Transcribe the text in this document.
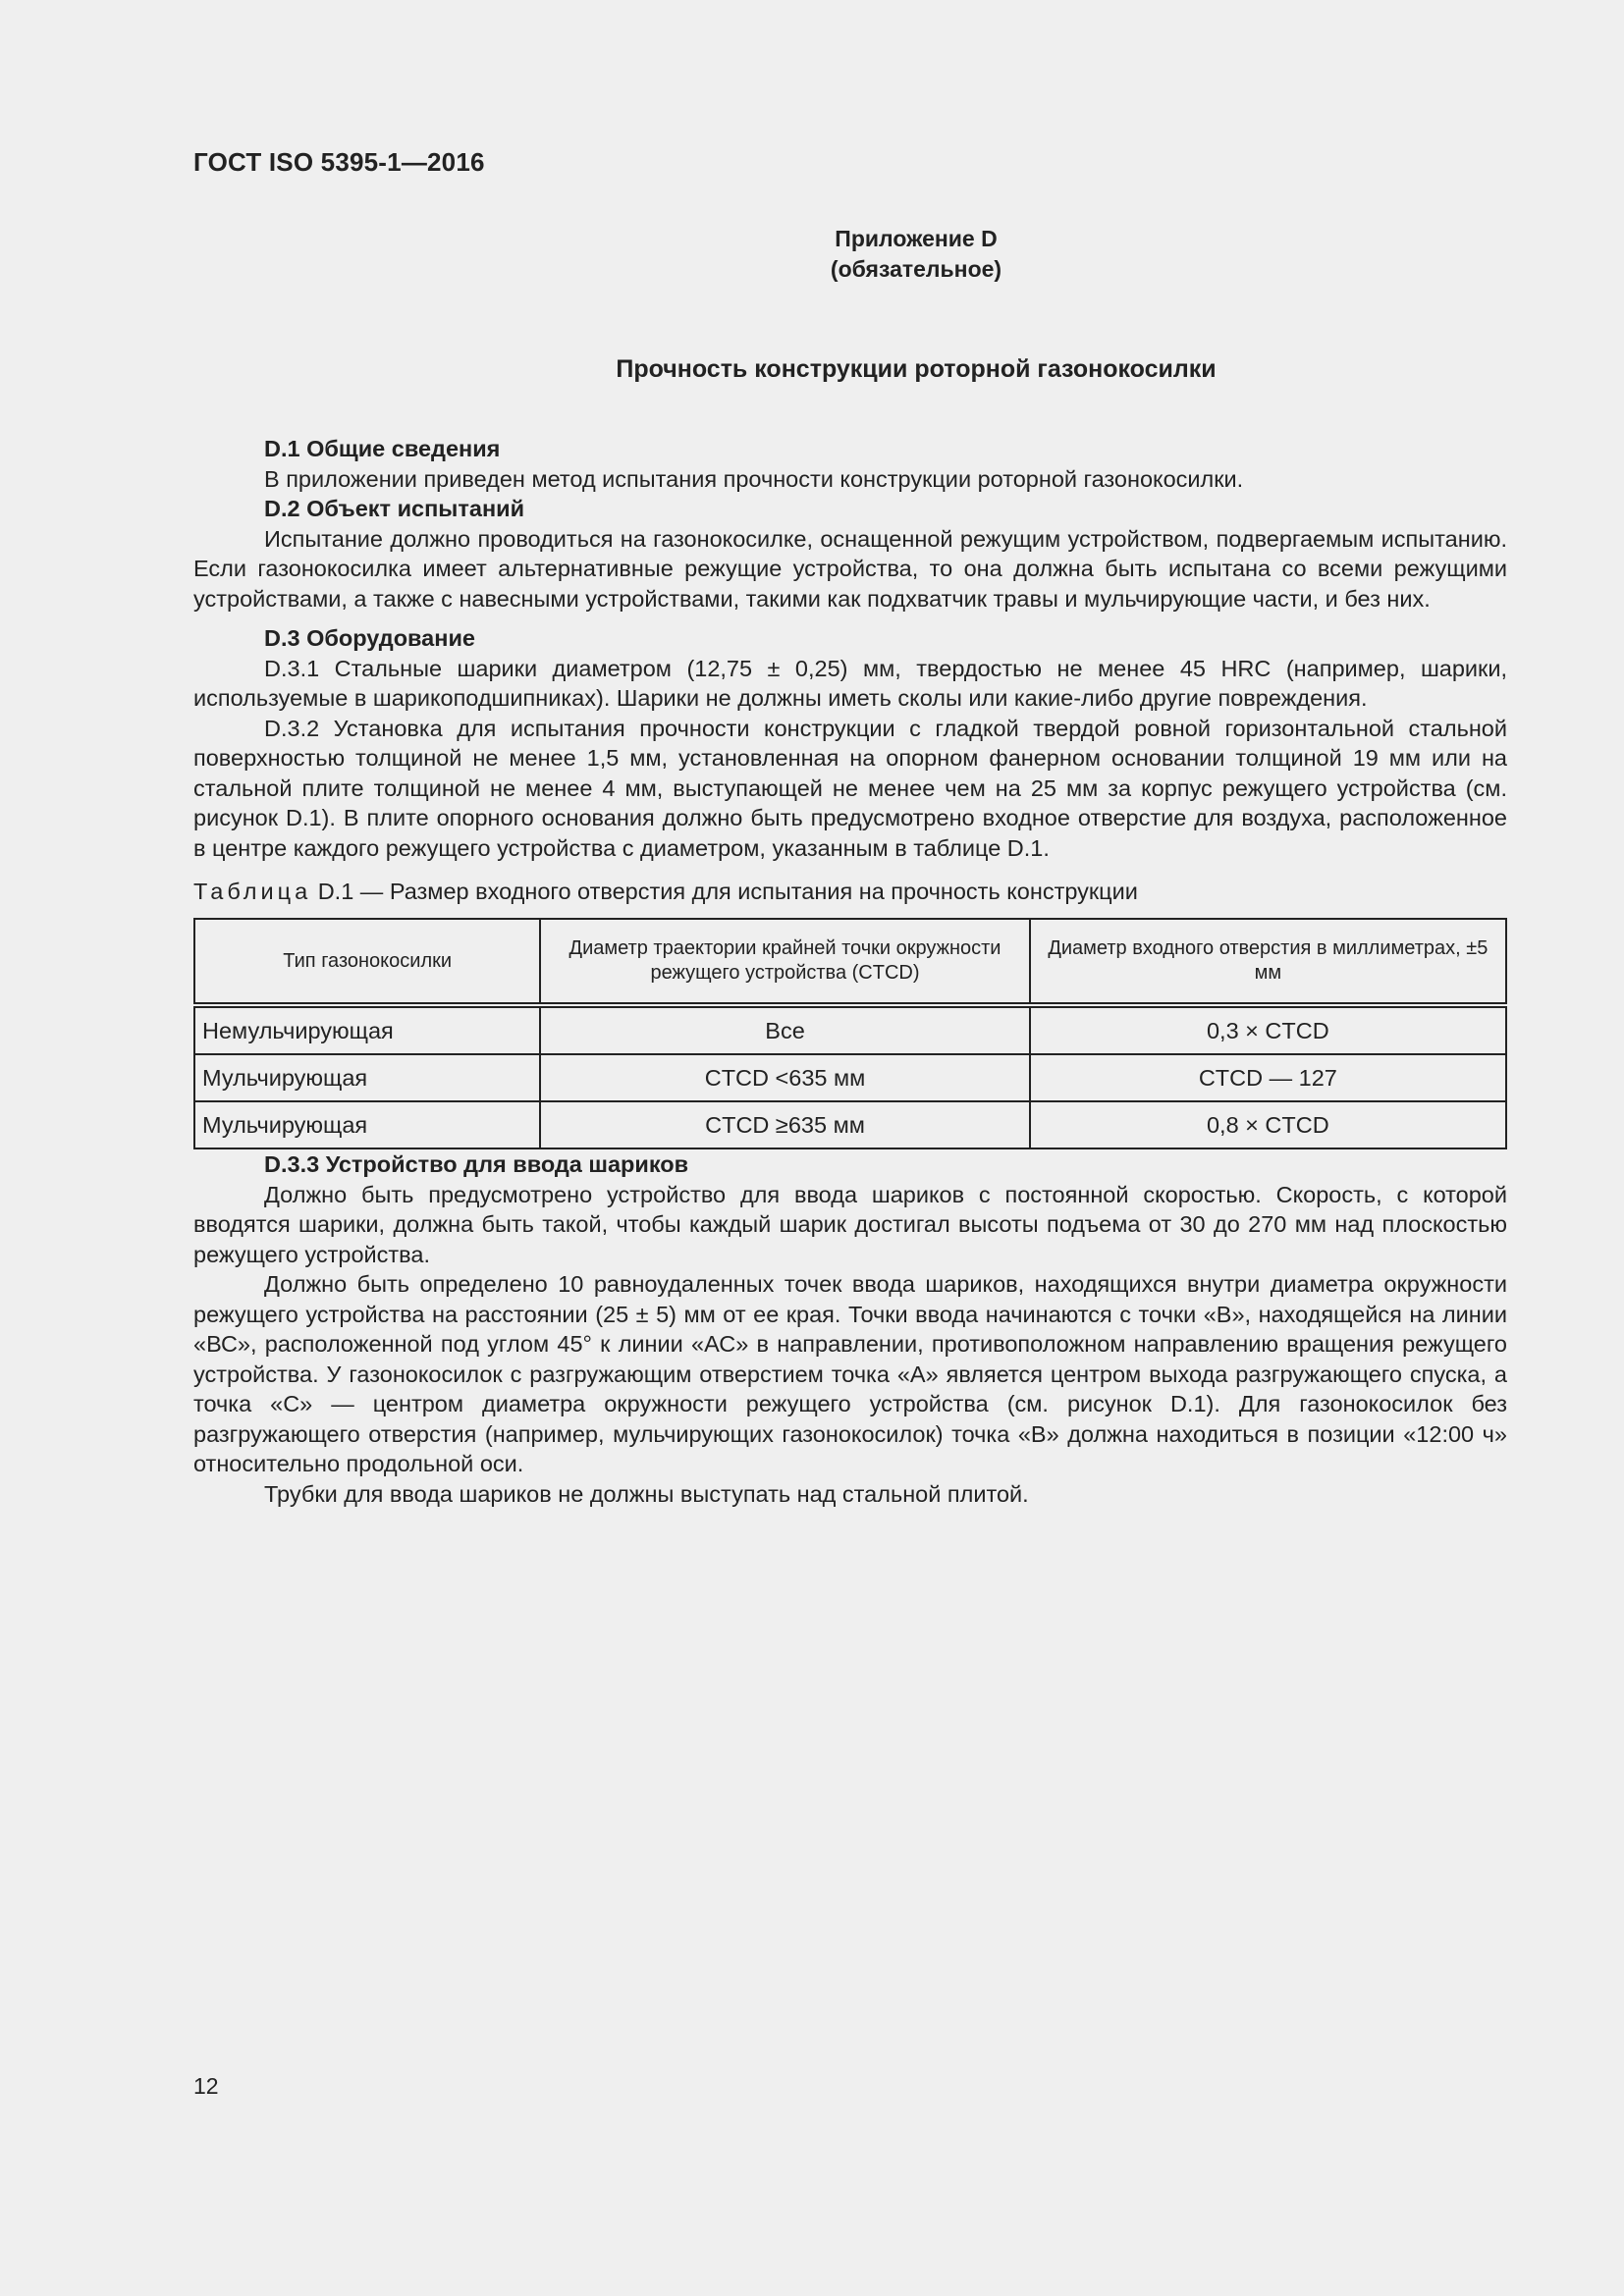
ГОСТ ISO 5395-1—2016
Приложение D
(обязательное)
Прочность конструкции роторной газонокосилки
D.1 Общие сведения

В приложении приведен метод испытания прочности конструкции роторной газонокосилки.

D.2 Объект испытаний

Испытание должно проводиться на газонокосилке, оснащенной режущим устройством, подвергаемым испытанию. Если газонокосилка имеет альтернативные режущие устройства, то она должна быть испытана со всеми режущими устройствами, а также с навесными устройствами, такими как подхватчик травы и мульчирующие части, и без них.

D.3 Оборудование

D.3.1 Стальные шарики диаметром (12,75 ± 0,25) мм, твердостью не менее 45 HRC (например, шарики, используемые в шарикоподшипниках). Шарики не должны иметь сколы или какие-либо другие повреждения.

D.3.2 Установка для испытания прочности конструкции с гладкой твердой ровной горизонтальной стальной поверхностью толщиной не менее 1,5 мм, установленная на опорном фанерном основании толщиной 19 мм или на стальной плите толщиной не менее 4 мм, выступающей не менее чем на 25 мм за корпус режущего устройства (см. рисунок D.1). В плите опорного основания должно быть предусмотрено входное отверстие для воздуха, расположенное в центре каждого режущего устройства с диаметром, указанным в таблице D.1.

Таблица D.1 — Размер входного отверстия для испытания на прочность конструкции
Тип газонокосилки	Диаметр траектории крайней точки окружности режущего устройства (CTCD)	Диаметр входного отверстия в миллиметрах, ±5 мм
Немульчирующая	Все	0,3 × CTCD
Мульчирующая	CTCD <635 мм	CTCD — 127
Мульчирующая	CTCD ≥635 мм	0,8 × CTCD
D.3.3 Устройство для ввода шариков

Должно быть предусмотрено устройство для ввода шариков с постоянной скоростью. Скорость, с которой вводятся шарики, должна быть такой, чтобы каждый шарик достигал высоты подъема от 30 до 270 мм над плоскостью режущего устройства.

Должно быть определено 10 равноудаленных точек ввода шариков, находящихся внутри диаметра окружности режущего устройства на расстоянии (25 ± 5) мм от ее края. Точки ввода начинаются с точки «В», находящейся на линии «ВС», расположенной под углом 45° к линии «АС» в направлении, противоположном направлению вращения режущего устройства. У газонокосилок с разгружающим отверстием точка «А» является центром выхода разгружающего спуска, а точка «С» — центром диаметра окружности режущего устройства (см. рисунок D.1). Для газонокосилок без разгружающего отверстия (например, мульчирующих газонокосилок) точка «В» должна находиться в позиции «12:00 ч» относительно продольной оси.

Трубки для ввода шариков не должны выступать над стальной плитой.

12
